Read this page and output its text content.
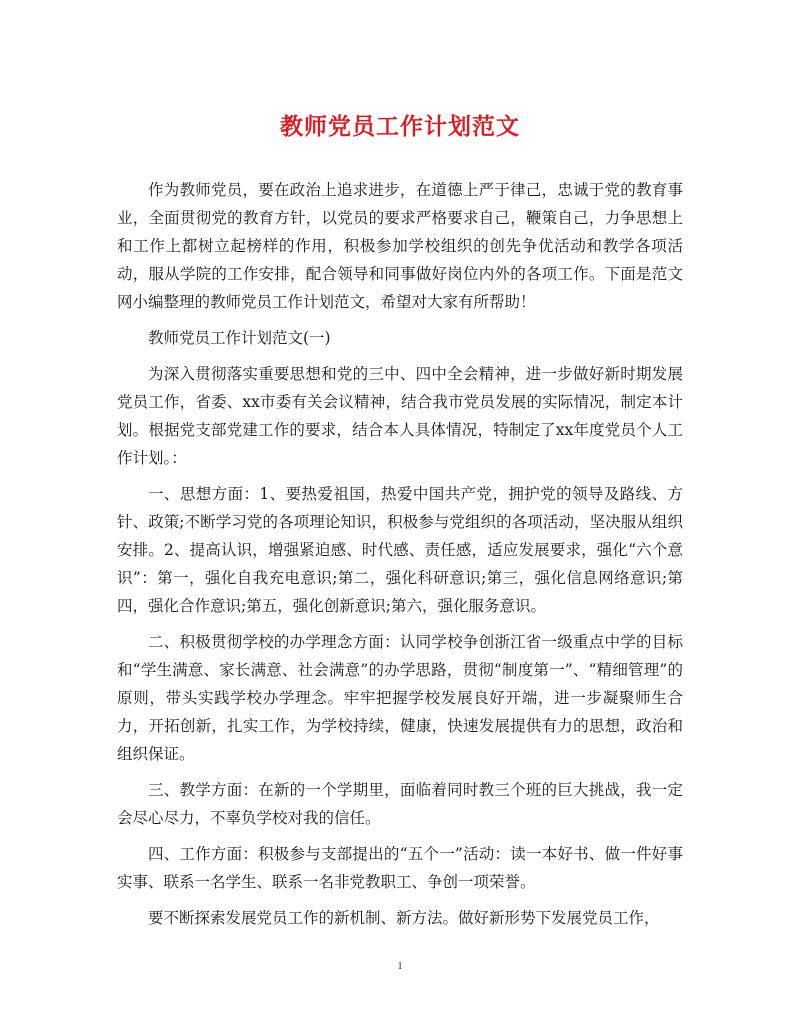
教师党员工作计划范文

作为教师党员，要在政治上追求进步，在道德上严于律己，忠诚于党的教育事业，全面贯彻党的教育方针，以党员的要求严格要求自己，鞭策自己，力争思想上和工作上都树立起榜样的作用，积极参加学校组织的创先争优活动和教学各项活动，服从学院的工作安排，配合领导和同事做好岗位内外的各项工作。下面是范文网小编整理的教师党员工作计划范文，希望对大家有所帮助！

教师党员工作计划范文(一)

为深入贯彻落实重要思想和党的三中、四中全会精神，进一步做好新时期发展党员工作，省委、xx市委有关会议精神，结合我市党员发展的实际情况，制定本计划。根据党支部党建工作的要求，结合本人具体情况，特制定了xx年度党员个人工作计划。：

一、思想方面：1、要热爱祖国，热爱中国共产党，拥护党的领导及路线、方针、政策;不断学习党的各项理论知识，积极参与党组织的各项活动，坚决服从组织安排。2、提高认识，增强紧迫感、时代感、责任感，适应发展要求，强化“六个意识”：第一，强化自我充电意识;第二，强化科研意识;第三，强化信息网络意识;第四，强化合作意识;第五，强化创新意识;第六，强化服务意识。

二、积极贯彻学校的办学理念方面：认同学校争创浙江省一级重点中学的目标和“学生满意、家长满意、社会满意”的办学思路，贯彻“制度第一”、“精细管理”的原则，带头实践学校办学理念。牢牢把握学校发展良好开端，进一步凝聚师生合力，开拓创新，扎实工作，为学校持续，健康，快速发展提供有力的思想，政治和组织保证。

三、教学方面：在新的一个学期里，面临着同时教三个班的巨大挑战，我一定会尽心尽力，不辜负学校对我的信任。

四、工作方面：积极参与支部提出的“五个一”活动：读一本好书、做一件好事实事、联系一名学生、联系一名非党教职工、争创一项荣誉。

要不断探索发展党员工作的新机制、新方法。做好新形势下发展党员工作，

1
